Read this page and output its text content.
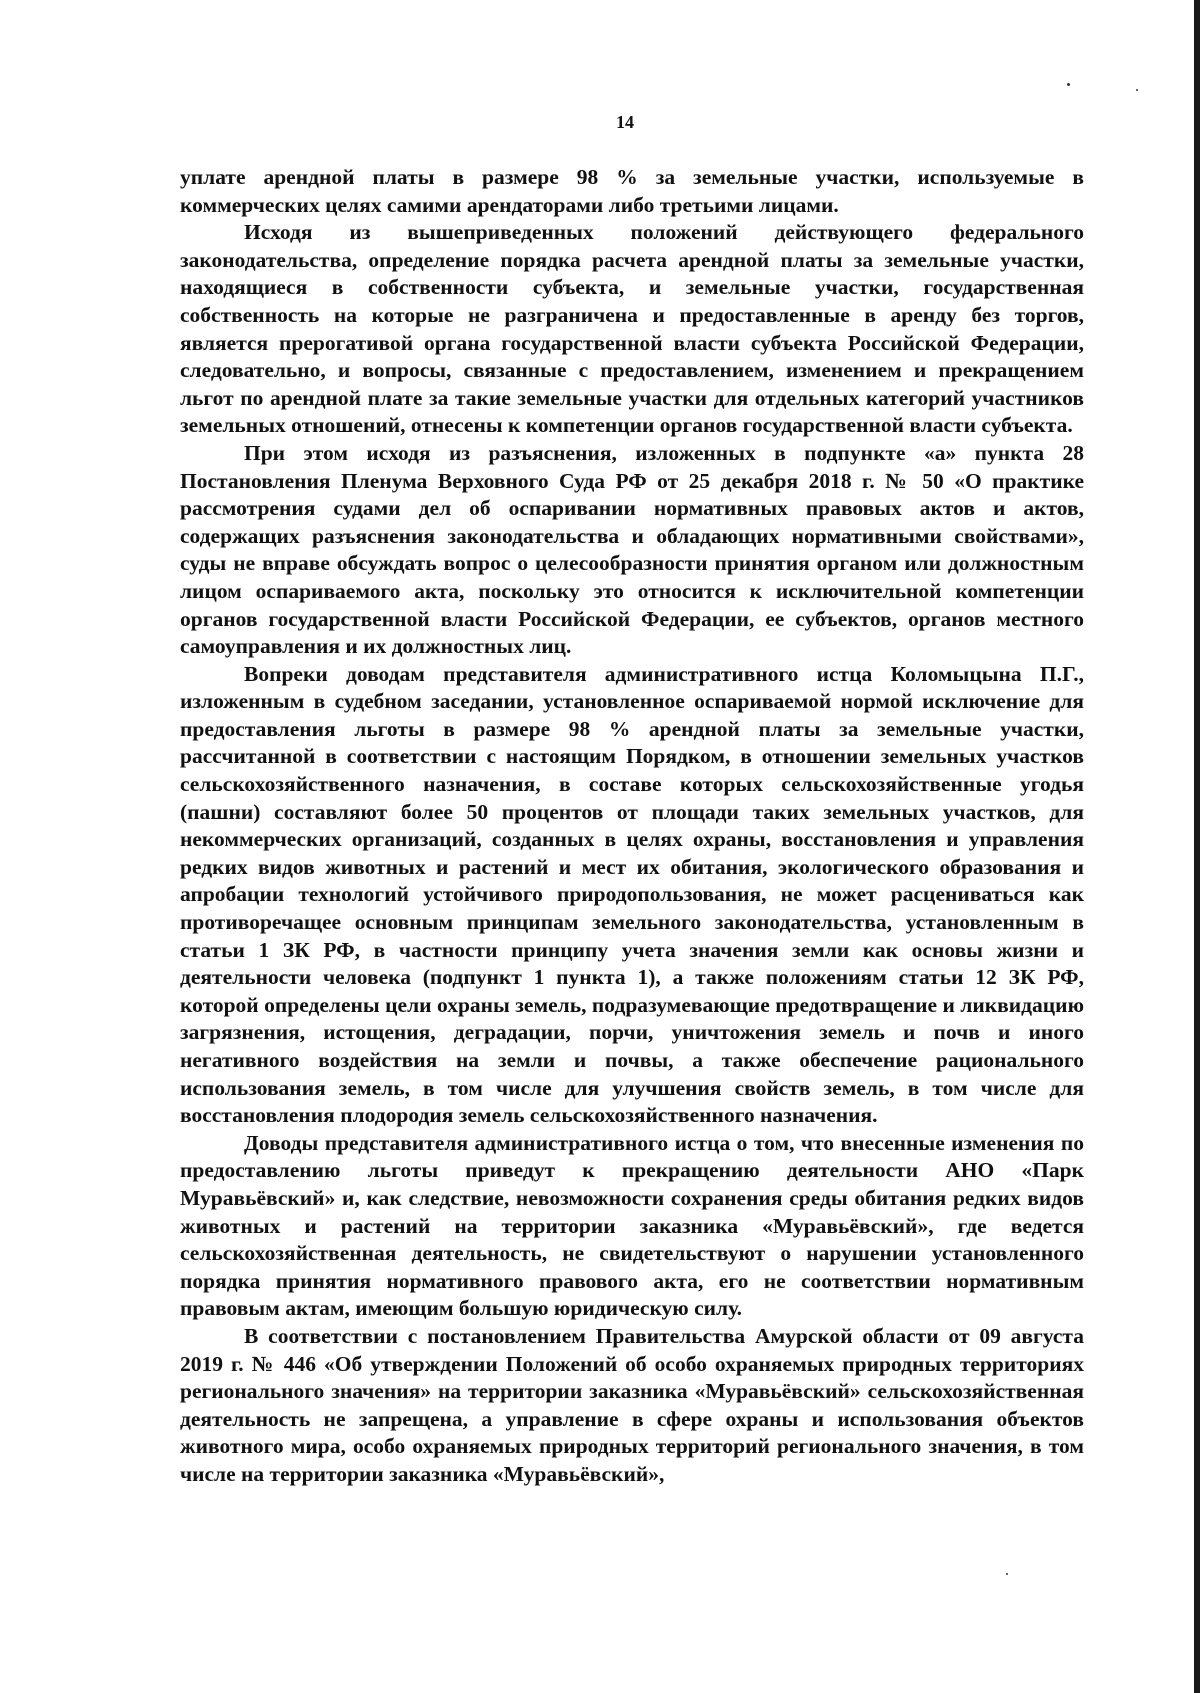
14

уплате арендной платы в размере 98 % за земельные участки, используемые в коммерческих целях самими арендаторами либо третьими лицами.

Исходя из вышеприведенных положений действующего федерального законодательства, определение порядка расчета арендной платы за земельные участки, находящиеся в собственности субъекта, и земельные участки, государственная собственность на которые не разграничена и предоставленные в аренду без торгов, является прерогативой органа государственной власти субъекта Российской Федерации, следовательно, и вопросы, связанные с предоставлением, изменением и прекращением льгот по арендной плате за такие земельные участки для отдельных категорий участников земельных отношений, отнесены к компетенции органов государственной власти субъекта.

При этом исходя из разъяснения, изложенных в подпункте «а» пункта 28 Постановления Пленума Верховного Суда РФ от 25 декабря 2018 г. № 50 «О практике рассмотрения судами дел об оспаривании нормативных правовых актов и актов, содержащих разъяснения законодательства и обладающих нормативными свойствами», суды не вправе обсуждать вопрос о целесообразности принятия органом или должностным лицом оспариваемого акта, поскольку это относится к исключительной компетенции органов государственной власти Российской Федерации, ее субъектов, органов местного самоуправления и их должностных лиц.

Вопреки доводам представителя административного истца Коломыцына П.Г., изложенным в судебном заседании, установленное оспариваемой нормой исключение для предоставления льготы в размере 98 % арендной платы за земельные участки, рассчитанной в соответствии с настоящим Порядком, в отношении земельных участков сельскохозяйственного назначения, в составе которых сельскохозяйственные угодья (пашни) составляют более 50 процентов от площади таких земельных участков, для некоммерческих организаций, созданных в целях охраны, восстановления и управления редких видов животных и растений и мест их обитания, экологического образования и апробации технологий устойчивого природопользования, не может расцениваться как противоречащее основным принципам земельного законодательства, установленным в статьи 1 ЗК РФ, в частности принципу учета значения земли как основы жизни и деятельности человека (подпункт 1 пункта 1), а также положениям статьи 12 ЗК РФ, которой определены цели охраны земель, подразумевающие предотвращение и ликвидацию загрязнения, истощения, деградации, порчи, уничтожения земель и почв и иного негативного воздействия на земли и почвы, а также обеспечение рационального использования земель, в том числе для улучшения свойств земель, в том числе для восстановления плодородия земель сельскохозяйственного назначения.

Доводы представителя административного истца о том, что внесенные изменения по предоставлению льготы приведут к прекращению деятельности АНО «Парк Муравьёвский» и, как следствие, невозможности сохранения среды обитания редких видов животных и растений на территории заказника «Муравьёвский», где ведется сельскохозяйственная деятельность, не свидетельствуют о нарушении установленного порядка принятия нормативного правового акта, его не соответствии нормативным правовым актам, имеющим большую юридическую силу.

В соответствии с постановлением Правительства Амурской области от 09 августа 2019 г. № 446 «Об утверждении Положений об особо охраняемых природных территориях регионального значения» на территории заказника «Муравьёвский» сельскохозяйственная деятельность не запрещена, а управление в сфере охраны и использования объектов животного мира, особо охраняемых природных территорий регионального значения, в том числе на территории заказника «Муравьёвский»,
